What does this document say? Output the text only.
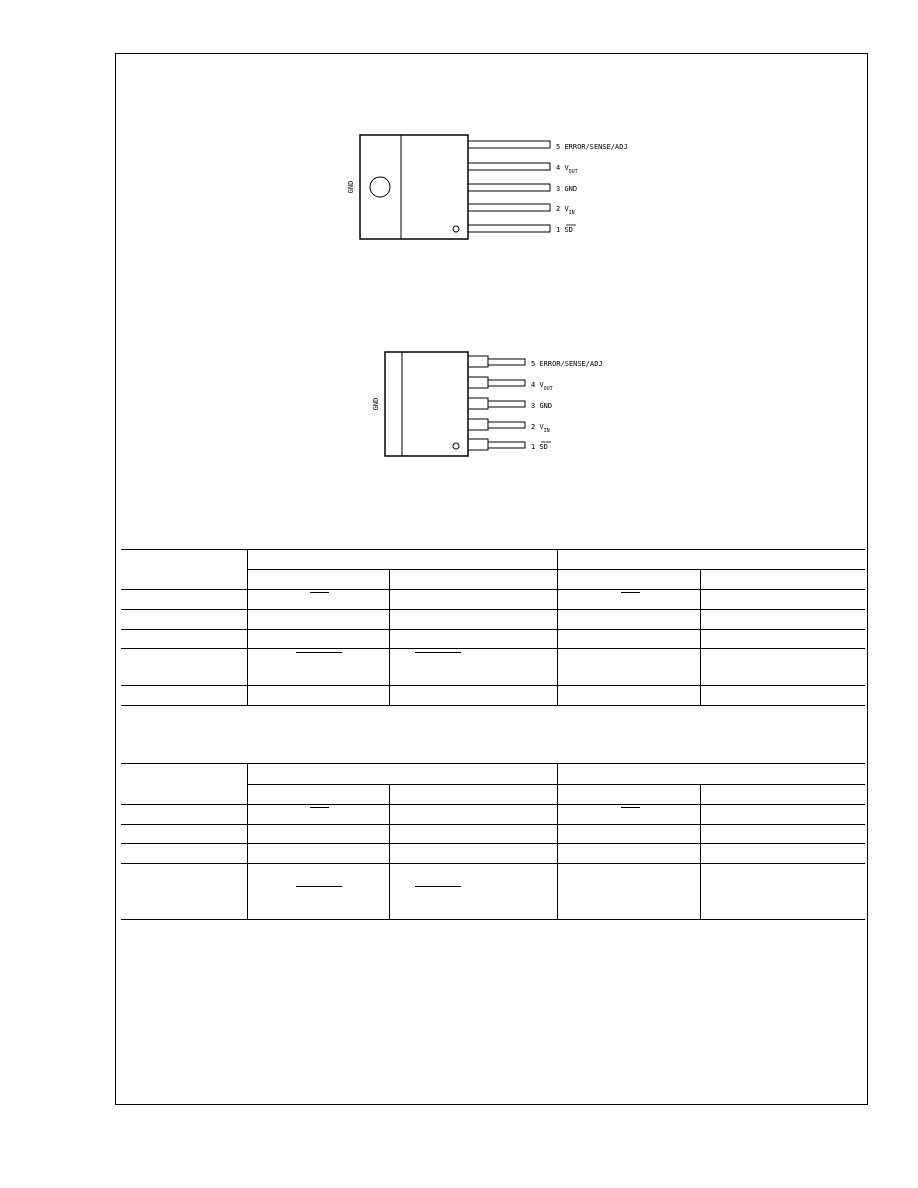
GND
5 ERROR/SENSE/ADJ
4 $V_{OUT}$
3 GND
2 $V_{IN}$
1 SD
GND
5 ERROR/SENSE/ADJ
4 $V_{OUT}$
3 GND
2 $V_{IN}$
1 SD
